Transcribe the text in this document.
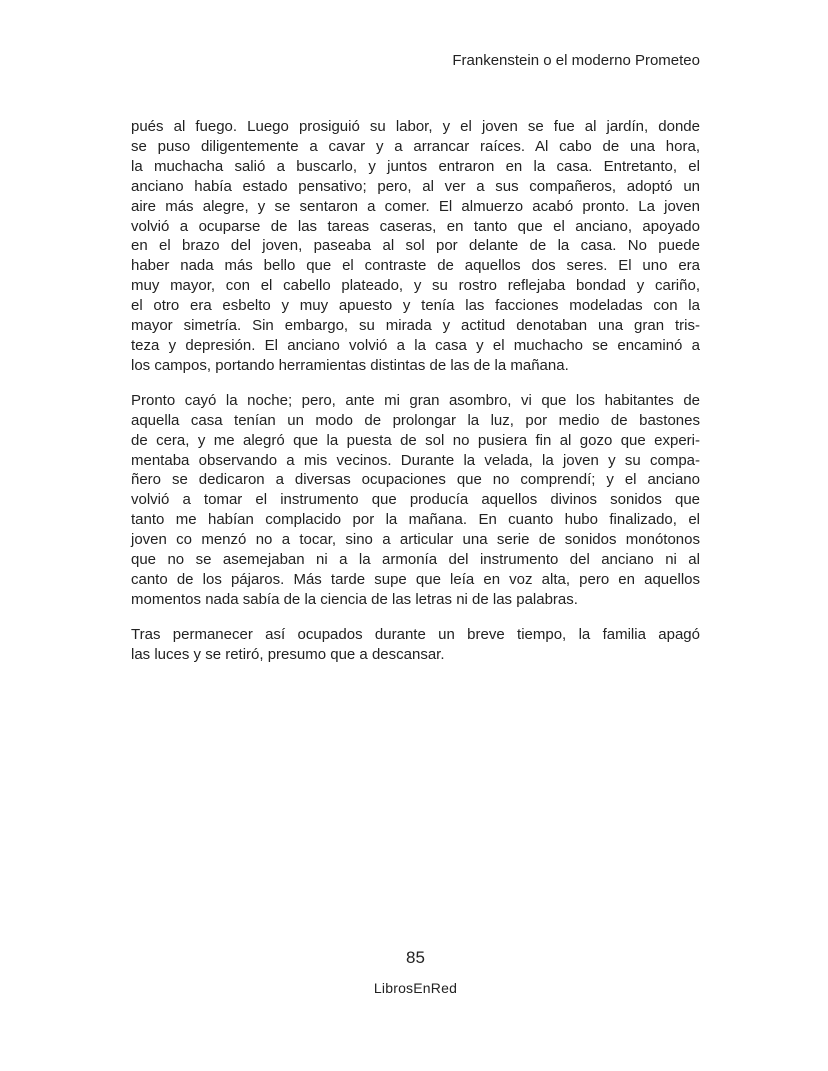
Frankenstein o el moderno Prometeo

pués al fuego. Luego prosiguió su labor, y el joven se fue al jardín, donde
se puso diligentemente a cavar y a arrancar raíces. Al cabo de una hora,
la muchacha salió a buscarlo, y juntos entraron en la casa. Entretanto, el
anciano había estado pensativo; pero, al ver a sus compañeros, adoptó un
aire más alegre, y se sentaron a comer. El almuerzo acabó pronto. La joven
volvió a ocuparse de las tareas caseras, en tanto que el anciano, apoyado
en el brazo del joven, paseaba al sol por delante de la casa. No puede
haber nada más bello que el contraste de aquellos dos seres. El uno era
muy mayor, con el cabello plateado, y su rostro reflejaba bondad y cariño,
el otro era esbelto y muy apuesto y tenía las facciones modeladas con la
mayor simetría. Sin embargo, su mirada y actitud denotaban una gran tris-
teza y depresión. El anciano volvió a la casa y el muchacho se encaminó a
los campos, portando herramientas distintas de las de la mañana.

Pronto cayó la noche; pero, ante mi gran asombro, vi que los habitantes de
aquella casa tenían un modo de prolongar la luz, por medio de bastones
de cera, y me alegró que la puesta de sol no pusiera fin al gozo que experi-
mentaba observando a mis vecinos. Durante la velada, la joven y su compa-
ñero se dedicaron a diversas ocupaciones que no comprendí; y el anciano
volvió a tomar el instrumento que producía aquellos divinos sonidos que
tanto me habían complacido por la mañana. En cuanto hubo finalizado, el
joven co menzó no a tocar, sino a articular una serie de sonidos monótonos
que no se asemejaban ni a la armonía del instrumento del anciano ni al
canto de los pájaros. Más tarde supe que leía en voz alta, pero en aquellos
momentos nada sabía de la ciencia de las letras ni de las palabras.

Tras permanecer así ocupados durante un breve tiempo, la familia apagó
las luces y se retiró, presumo que a descansar.

85
LibrosEnRed
